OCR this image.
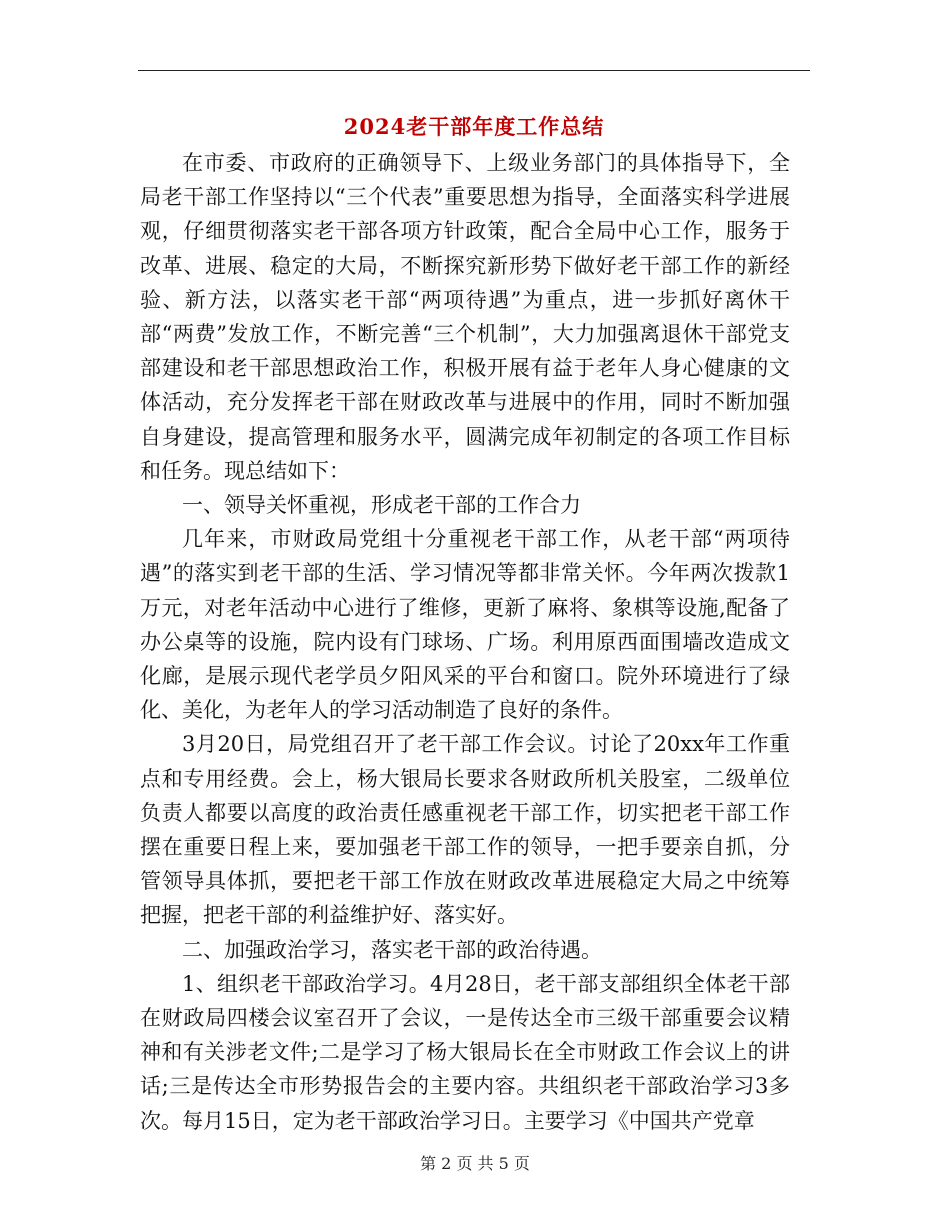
2024老干部年度工作总结

在市委、市政府的正确领导下、上级业务部门的具体指导下，全局老干部工作坚持以“三个代表”重要思想为指导，全面落实科学进展观，仔细贯彻落实老干部各项方针政策，配合全局中心工作，服务于改革、进展、稳定的大局，不断探究新形势下做好老干部工作的新经验、新方法，以落实老干部“两项待遇”为重点，进一步抓好离休干部“两费”发放工作，不断完善“三个机制”，大力加强离退休干部党支部建设和老干部思想政治工作，积极开展有益于老年人身心健康的文体活动，充分发挥老干部在财政改革与进展中的作用，同时不断加强自身建设，提高管理和服务水平，圆满完成年初制定的各项工作目标和任务。现总结如下：

一、领导关怀重视，形成老干部的工作合力

几年来，市财政局党组十分重视老干部工作，从老干部“两项待遇”的落实到老干部的生活、学习情况等都非常关怀。今年两次拨款1万元，对老年活动中心进行了维修，更新了麻将、象棋等设施,配备了办公桌等的设施，院内设有门球场、广场。利用原西面围墙改造成文化廊，是展示现代老学员夕阳风采的平台和窗口。院外环境进行了绿化、美化，为老年人的学习活动制造了良好的条件。

3月20日，局党组召开了老干部工作会议。讨论了20xx年工作重点和专用经费。会上，杨大银局长要求各财政所机关股室，二级单位负责人都要以高度的政治责任感重视老干部工作，切实把老干部工作摆在重要日程上来，要加强老干部工作的领导，一把手要亲自抓，分管领导具体抓，要把老干部工作放在财政改革进展稳定大局之中统筹把握，把老干部的利益维护好、落实好。

二、加强政治学习，落实老干部的政治待遇。

1、组织老干部政治学习。4月28日，老干部支部组织全体老干部在财政局四楼会议室召开了会议，一是传达全市三级干部重要会议精神和有关涉老文件;二是学习了杨大银局长在全市财政工作会议上的讲话;三是传达全市形势报告会的主要内容。共组织老干部政治学习3多次。每月15日，定为老干部政治学习日。主要学习《中国共产党章

第 2 页 共 5 页
